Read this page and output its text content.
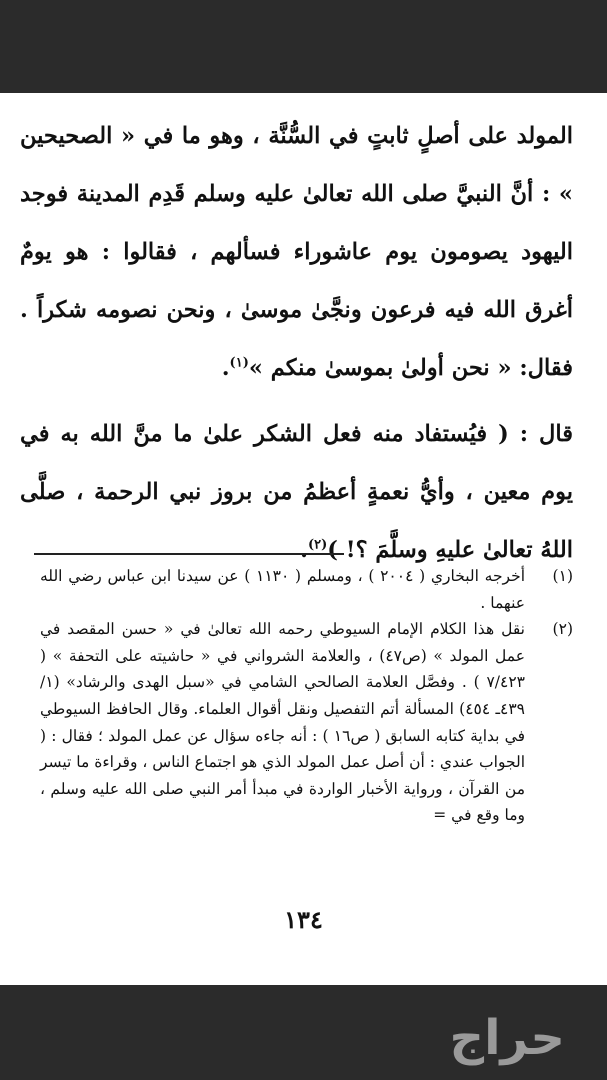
المولد على أصلٍ ثابتٍ في السُّنَّة ، وهو ما في « الصحيحين » : أنَّ النبيَّ صلى الله تعالىٰ عليه وسلم قَدِم المدينة فوجد اليهود يصومون يوم عاشوراء فسألهم ، فقالوا : هو يومٌ أغرق الله فيه فرعون ونجَّىٰ موسىٰ ، ونحن نصومه شكراً . فقال: « نحن أولىٰ بموسىٰ منكم »$^{(١)}$.

قال : ( فيُستفاد منه فعل الشكر علىٰ ما منَّ الله به في يوم معين ، وأيُّ نعمةٍ أعظمُ من بروز نبي الرحمة ، صلَّى اللهُ تعالىٰ عليهِ وسلَّمَ ؟! )$^{(٢)}$.

(١)
أخرجه البخاري ( ٢٠٠٤ ) ، ومسلم ( ١١٣٠ ) عن سيدنا ابن عباس رضي الله عنهما .
(٢)
نقل هذا الكلام الإمام السيوطي رحمه الله تعالىٰ في « حسن المقصد في عمل المولد » (ص٤٧) ، والعلامة الشرواني في « حاشيته على التحفة » ( ٧/٤٢٣ ) . وفصَّل العلامة الصالحي الشامي في «سبل الهدى والرشاد» (١/ ٤٣٩ـ ٤٥٤) المسألة أتم التفصيل ونقل أقوال العلماء. وقال الحافظ السيوطي في بداية كتابه السابق ( ص١٦ ) : أنه جاءه سؤال عن عمل المولد ؛ فقال : ( الجواب عندي : أن أصل عمل المولد الذي هو اجتماع الناس ، وقراءة ما تيسر من القرآن ، ورواية الأخبار الواردة في مبدأ أمر النبي صلى الله عليه وسلم ، وما وقع في =
١٣٤
حراج
